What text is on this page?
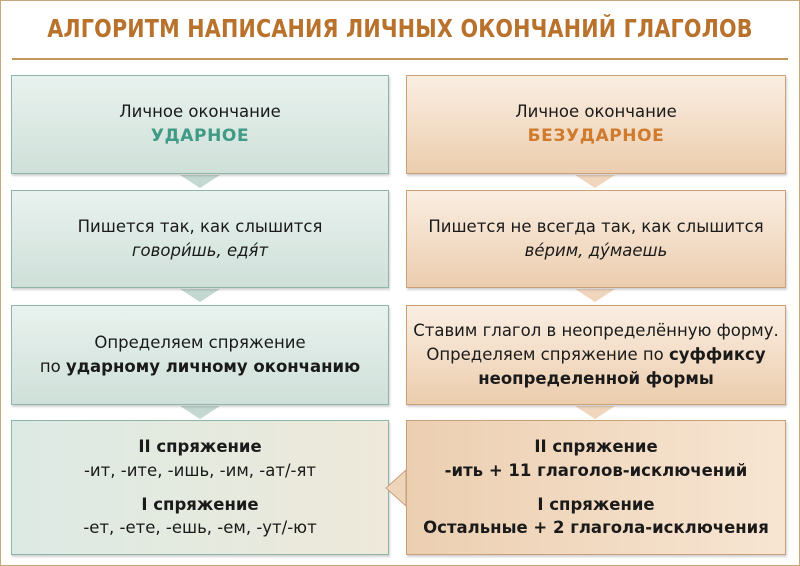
АЛГОРИТМ НАПИСАНИЯ ЛИЧНЫХ ОКОНЧАНИЙ ГЛАГОЛОВ
Личное окончание
УДАРНОЕ
Пишется так, как слышится
говори́шь, едя́т
Определяем спряжение
по ударному личному окончанию
II спряжение
-ит, -ите, -ишь, -им, -ат/-ят
I спряжение
-ет, -ете, -ешь, -ем, -ут/-ют
Личное окончание
БЕЗУДАРНОЕ
Пишется не всегда так, как слышится
ве́рим, ду́маешь
Ставим глагол в неопределённую форму.
Определяем спряжение по суффиксу
неопределенной формы
II спряжение
-ить + 11 глаголов-исключений
I спряжение
Остальные + 2 глагола-исключения
